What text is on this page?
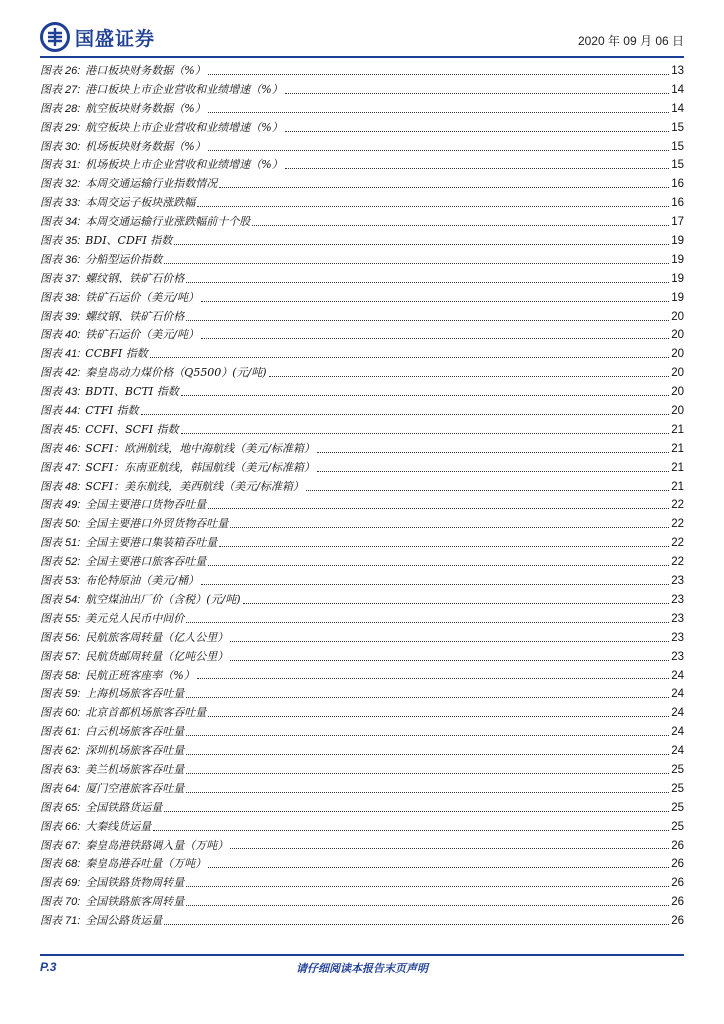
国盛证券	2020 年 09 月 06 日
图表 26: 港口板块财务数据（%）	13
图表 27: 港口板块上市企业营收和业绩增速（%）	14
图表 28: 航空板块财务数据（%）	14
图表 29: 航空板块上市企业营收和业绩增速（%）	15
图表 30: 机场板块财务数据（%）	15
图表 31: 机场板块上市企业营收和业绩增速（%）	15
图表 32: 本周交通运输行业指数情况	16
图表 33: 本周交运子板块涨跌幅	16
图表 34: 本周交通运输行业涨跌幅前十个股	17
图表 35: BDI、CDFI 指数	19
图表 36: 分船型运价指数	19
图表 37: 螺纹钢、铁矿石价格	19
图表 38: 铁矿石运价（美元/吨）	19
图表 39: 螺纹钢、铁矿石价格	20
图表 40: 铁矿石运价（美元/吨）	20
图表 41: CCBFI 指数	20
图表 42: 秦皇岛动力煤价格（Q5500）(元/吨)	20
图表 43: BDTI、BCTI 指数	20
图表 44: CTFI 指数	20
图表 45: CCFI、SCFI 指数	21
图表 46: SCFI：欧洲航线，地中海航线（美元/标准箱）	21
图表 47: SCFI：东南亚航线，韩国航线（美元/标准箱）	21
图表 48: SCFI：美东航线，美西航线（美元/标准箱）	21
图表 49: 全国主要港口货物吞吐量	22
图表 50: 全国主要港口外贸货物吞吐量	22
图表 51: 全国主要港口集装箱吞吐量	22
图表 52: 全国主要港口旅客吞吐量	22
图表 53: 布伦特原油（美元/桶）	23
图表 54: 航空煤油出厂价（含税）(元/吨)	23
图表 55: 美元兑人民币中间价	23
图表 56: 民航旅客周转量（亿人公里）	23
图表 57: 民航货邮周转量（亿吨公里）	23
图表 58: 民航正班客座率（%）	24
图表 59: 上海机场旅客吞吐量	24
图表 60: 北京首都机场旅客吞吐量	24
图表 61: 白云机场旅客吞吐量	24
图表 62: 深圳机场旅客吞吐量	24
图表 63: 美兰机场旅客吞吐量	25
图表 64: 厦门空港旅客吞吐量	25
图表 65: 全国铁路货运量	25
图表 66: 大秦线货运量	25
图表 67: 秦皇岛港铁路调入量（万吨）	26
图表 68: 秦皇岛港吞吐量（万吨）	26
图表 69: 全国铁路货物周转量	26
图表 70: 全国铁路旅客周转量	26
图表 71: 全国公路货运量	26
P.3	请仔细阅读本报告末页声明
